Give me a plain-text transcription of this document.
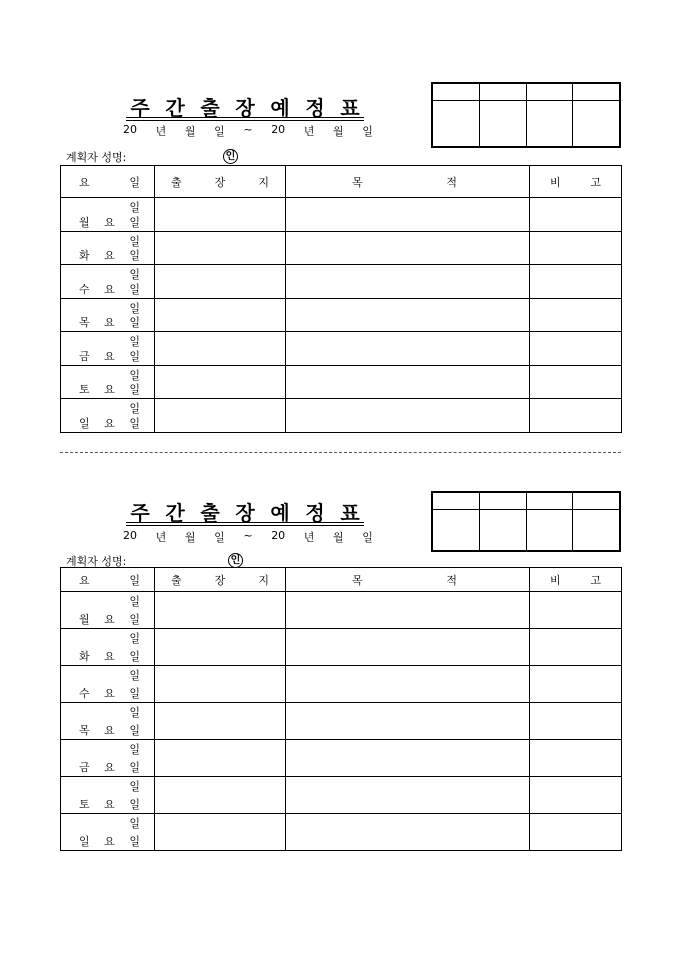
주 간 출 장 예 정 표
20 년 월 일 ~ 20 년 월 일

계획자 성명:	인
요 일	출 장 지	목 적	비 고

일
월 요 일			

일
화 요 일			

일
수 요 일			

일
목 요 일			

일
금 요 일			

일
토 요 일			

일
일 요 일			

주 간 출 장 예 정 표
20 년 월 일 ~ 20 년 월 일

계획자 성명:	인
요 일	출 장 지	목 적	비 고

일
월 요 일			

일
화 요 일			

일
수 요 일			

일
목 요 일			

일
금 요 일			

일
토 요 일			

일
일 요 일			
